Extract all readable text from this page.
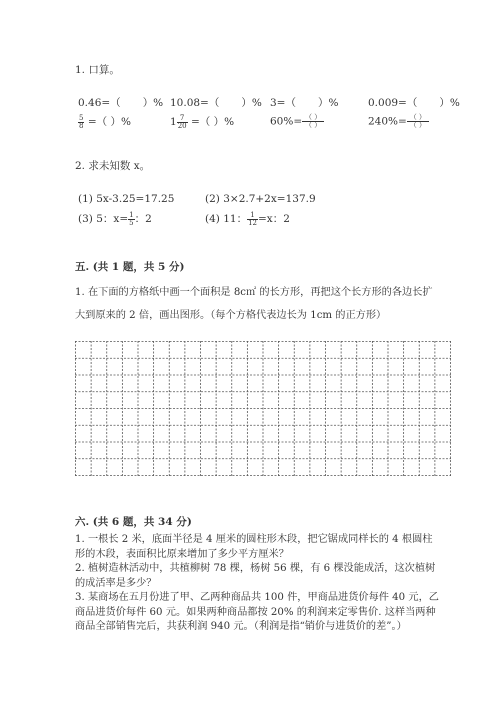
1. 口算。
0.46=（ ）% 10.08=（ ）% 3=（ ）%	0.009=（ ）%
$\frac{5}{8}$ =（ ）%	$1 \frac{7}{20}$ =（ ）%	$60\%= \frac{( )}{( )}$	$240\%= \frac{( )}{( )}$
2. 求未知数 x。
(1) 5x-3.25=17.25	(2) 3×2.7+2x=137.9
(3) 5：$x= \frac{1}{5}$ ：2	(4) 11： $\frac{1}{12} =x$：2
五. (共 1 题，共 5 分)
1. 在下面的方格纸中画一个面积是 8c㎡ 的长方形，再把这个长方形的各边长扩
大到原来的 2 倍，画出图形。（每个方格代表边长为 1cm 的正方形）
六. (共 6 题，共 34 分)
1. 一根长 2 米，底面半径是 4 厘米的圆柱形木段，把它锯成同样长的 4 根圆柱
形的木段，表面积比原来增加了多少平方厘米？
2. 植树造林活动中，共植柳树 78 棵，杨树 56 棵，有 6 棵没能成活，这次植树
的成活率是多少？
3. 某商场在五月份进了甲、乙两种商品共 100 件，甲商品进货价每件 40 元，乙
商品进货价每件 60 元。如果两种商品都按 20% 的利润来定零售价. 这样当两种
商品全部销售完后，共获利润 940 元。（利润是指“销价与进货价的差”。）
